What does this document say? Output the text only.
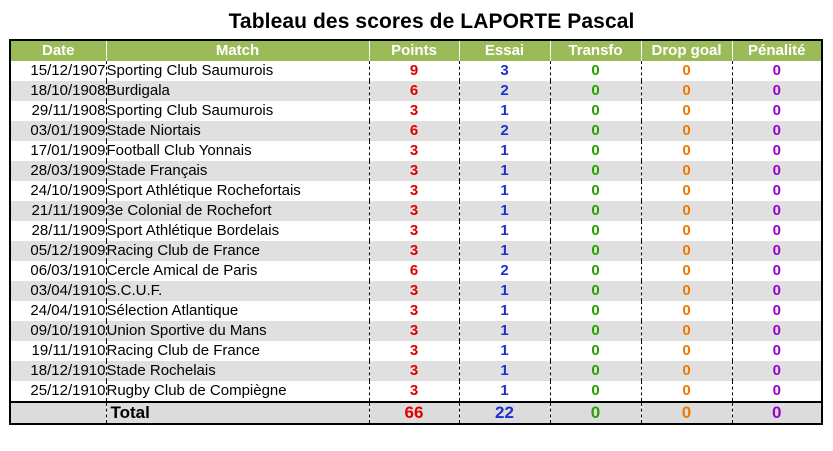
Tableau des scores de LAPORTE Pascal
Date	Match	Points	Essai	Transfo	Drop goal	Pénalité
15/12/1907	Sporting Club Saumurois	9	3	0	0	0
18/10/1908	Burdigala	6	2	0	0	0
29/11/1908	Sporting Club Saumurois	3	1	0	0	0
03/01/1909	Stade Niortais	6	2	0	0	0
17/01/1909	Football Club Yonnais	3	1	0	0	0
28/03/1909	Stade Français	3	1	0	0	0
24/10/1909	Sport Athlétique Rochefortais	3	1	0	0	0
21/11/1909	3e Colonial de Rochefort	3	1	0	0	0
28/11/1909	Sport Athlétique Bordelais	3	1	0	0	0
05/12/1909	Racing Club de France	3	1	0	0	0
06/03/1910	Cercle Amical de Paris	6	2	0	0	0
03/04/1910	S.C.U.F.	3	1	0	0	0
24/04/1910	Sélection Atlantique	3	1	0	0	0
09/10/1910	Union Sportive du Mans	3	1	0	0	0
19/11/1910	Racing Club de France	3	1	0	0	0
18/12/1910	Stade Rochelais	3	1	0	0	0
25/12/1910	Rugby Club de Compiègne	3	1	0	0	0
	Total	66	22	0	0	0
